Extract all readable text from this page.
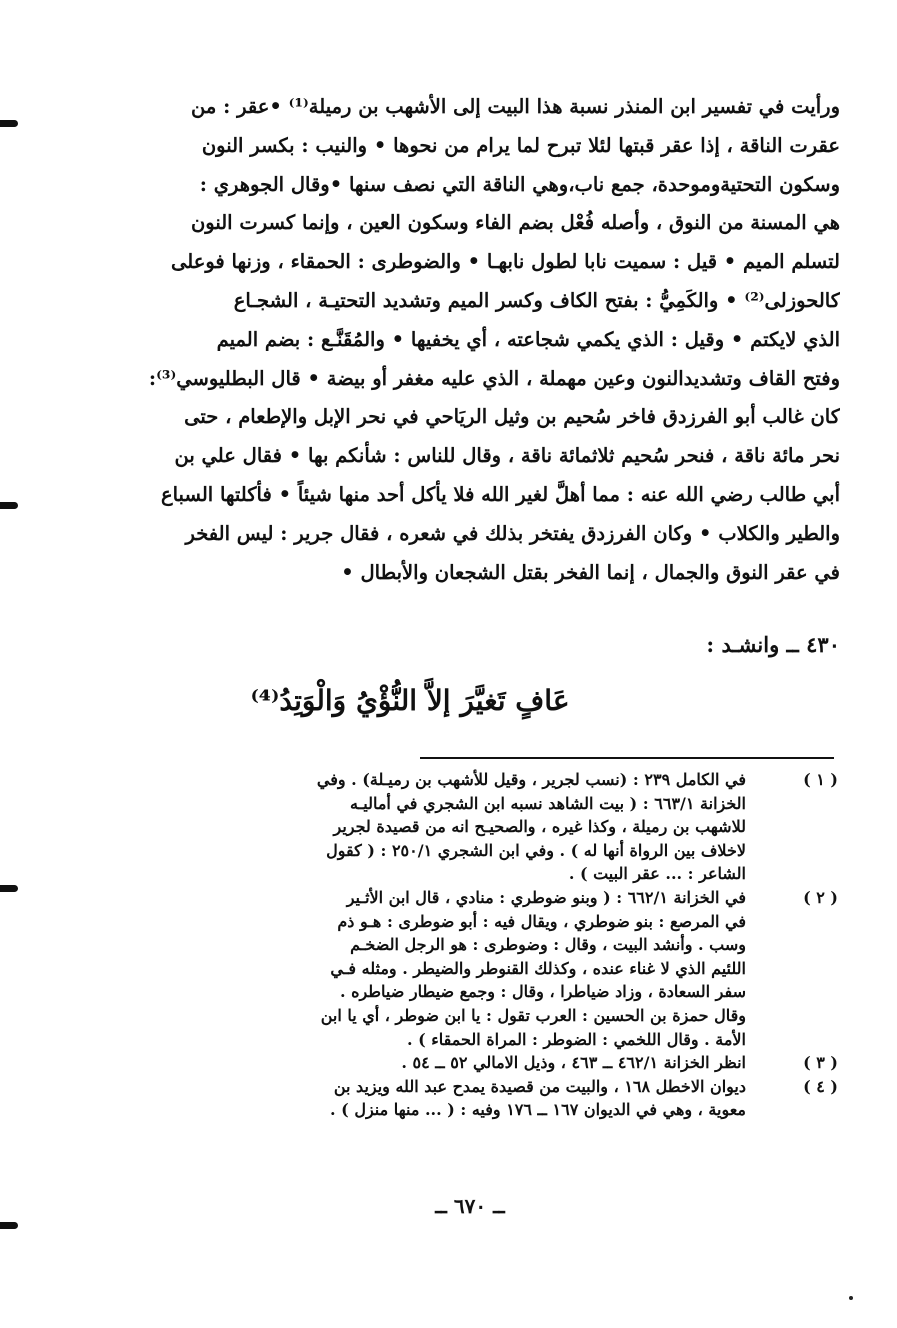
ورأيت في تفسير ابن المنذر نسبة هذا البيت إلى الأشهب بن رميلة⁽¹⁾ •عقر : من
عقرت الناقة ، إذا عقر قبتها لئلا تبرح لما يرام من نحوها • والنيب : بكسر النون
وسكون التحتيةوموحدة، جمع ناب،وهي الناقة التي نصف سنها •وقال الجوهري :
هي المسنة من النوق ، وأصله فُعْل بضم الفاء وسكون العين ، وإنما كسرت النون
لتسلم الميم • قيل : سميت نابا لطول نابهـا • والضوطرى : الحمقاء ، وزنها فوعلى
كالحوزلى⁽²⁾ • والكَمِيُّ : بفتح الكاف وكسر الميم وتشديد التحتيـة ، الشجـاع
الذي لايكتم • وقيل : الذي يكمي شجاعته ، أي يخفيها • والمُقَنَّـع : بضم الميم
وفتح القاف وتشديدالنون وعين مهملة ، الذي عليه مغفر أو بيضة • قال البطليوسي⁽³⁾:
كان غالب أبو الفرزدق فاخر سُحيم بن وثيل الريَاحي في نحر الإبل والإطعام ، حتى
نحر مائة ناقة ، فنحر سُحيم ثلاثمائة ناقة ، وقال للناس : شأنكم بها • فقال علي بن
أبي طالب رضي الله عنه : مما أهلَّ لغير الله فلا يأكل أحد منها شيئاً • فأكلتها السباع
والطير والكلاب • وكان الفرزدق يفتخر بذلك في شعره ، فقال جرير : ليس الفخر
في عقر النوق والجمال ، إنما الفخر بقتل الشجعان والأبطال •
٤٣٠ ــ وانشـد :
عَافٍ تَغيَّرَ إلاَّ النُّؤْيُ وَالْوَتِدُ⁽⁴⁾
( ١ )
في الكامل ٢٣٩ : (نسب لجرير ، وقيل للأشهب بن رميـلة) . وفي
الخزانة ٦٦٣/١ : ( بيت الشاهد نسبه ابن الشجري في أماليـه
للاشهب بن رميلة ، وكذا غيره ، والصحيـح انه من قصيدة لجرير
لاخلاف بين الرواة أنها له ) . وفي ابن الشجري ٢٥٠/١ : ( كقول
الشاعر : ... عقر البيت ) .
( ٢ )
في الخزانة ٦٦٢/١ : ( وبنو ضوطري : منادي ، قال ابن الأثـير
في المرصع : بنو ضوطري ، ويقال فيه : أبو ضوطرى : هـو ذم
وسب . وأنشد البيت ، وقال : وضوطرى : هو الرجل الضخـم
اللئيم الذي لا غناء عنده ، وكذلك القنوطر والضيطر . ومثله فـي
سفر السعادة ، وزاد ضياطرا ، وقال : وجمع ضيطار ضياطره .
وقال حمزة بن الحسين : العرب تقول : يا ابن ضوطر ، أي يا ابن
الأمة . وقال اللخمي : الضوطر : المراة الحمقاء ) .
( ٣ )
انظر الخزانة ٤٦٢/١ ــ ٤٦٣ ، وذيل الامالي ٥٢ ــ ٥٤ .
( ٤ )
ديوان الاخطل ١٦٨ ، والبيت من قصيدة يمدح عبد الله ويزيد بن
معوية ، وهي في الديوان ١٦٧ ــ ١٧٦ وفيه : ( ... منها منزل ) .
ــ ٦٧٠ ــ
